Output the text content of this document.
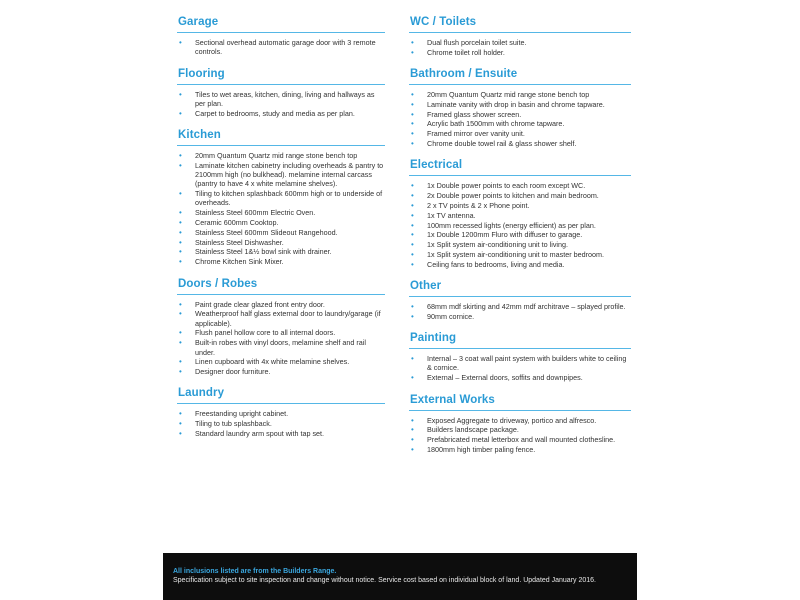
Garage
• Sectional overhead automatic garage door with 3 remote controls.
Flooring
• Tiles to wet areas, kitchen, dining, living and hallways as per plan.
• Carpet to bedrooms, study and media as per plan.
Kitchen
• 20mm Quantum Quartz mid range stone bench top
• Laminate kitchen cabinetry including overheads & pantry to 2100mm high (no bulkhead). melamine internal carcass (pantry to have 4 x white melamine shelves).
• Tiling to kitchen splashback 600mm high or to underside of overheads.
• Stainless Steel 600mm Electric Oven.
• Ceramic 600mm Cooktop.
• Stainless Steel 600mm Slideout Rangehood.
• Stainless Steel Dishwasher.
• Stainless Steel 1&½ bowl sink with drainer.
• Chrome Kitchen Sink Mixer.
Doors / Robes
• Paint grade clear glazed front entry door.
• Weatherproof half glass external door to laundry/garage (if applicable).
• Flush panel hollow core to all internal doors.
• Built-in robes with vinyl doors, melamine shelf and rail under.
• Linen cupboard with 4x white melamine shelves.
• Designer door furniture.
Laundry
• Freestanding upright cabinet.
• Tiling to tub splashback.
• Standard laundry arm spout with tap set.
WC / Toilets
• Dual flush porcelain toilet suite.
• Chrome toilet roll holder.
Bathroom / Ensuite
• 20mm Quantum Quartz mid range stone bench top
• Laminate vanity with drop in basin and chrome tapware.
• Framed glass shower screen.
• Acrylic bath 1500mm with chrome tapware.
• Framed mirror over vanity unit.
• Chrome double towel rail & glass shower shelf.
Electrical
• 1x Double power points to each room except WC.
• 2x Double power points to kitchen and main bedroom.
• 2 x TV points & 2 x Phone point.
• 1x TV antenna.
• 100mm recessed lights (energy efficient) as per plan.
• 1x Double 1200mm Fluro with diffuser to garage.
• 1x Split system air-conditioning unit to living.
• 1x Split system air-conditioning unit to master bedroom.
• Ceiling fans to bedrooms, living and media.
Other
• 68mm mdf skirting and 42mm mdf architrave – splayed profile.
• 90mm cornice.
Painting
• Internal – 3 coat wall paint system with builders white to ceiling & cornice.
• External – External doors, soffits and downpipes.
External Works
• Exposed Aggregate to driveway, portico and alfresco.
• Builders landscape package.
• Prefabricated metal letterbox and wall mounted clothesline.
• 1800mm high timber paling fence.
All inclusions listed are from the Builders Range.
Specification subject to site inspection and change without notice. Service cost based on individual block of land. Updated January 2016.
